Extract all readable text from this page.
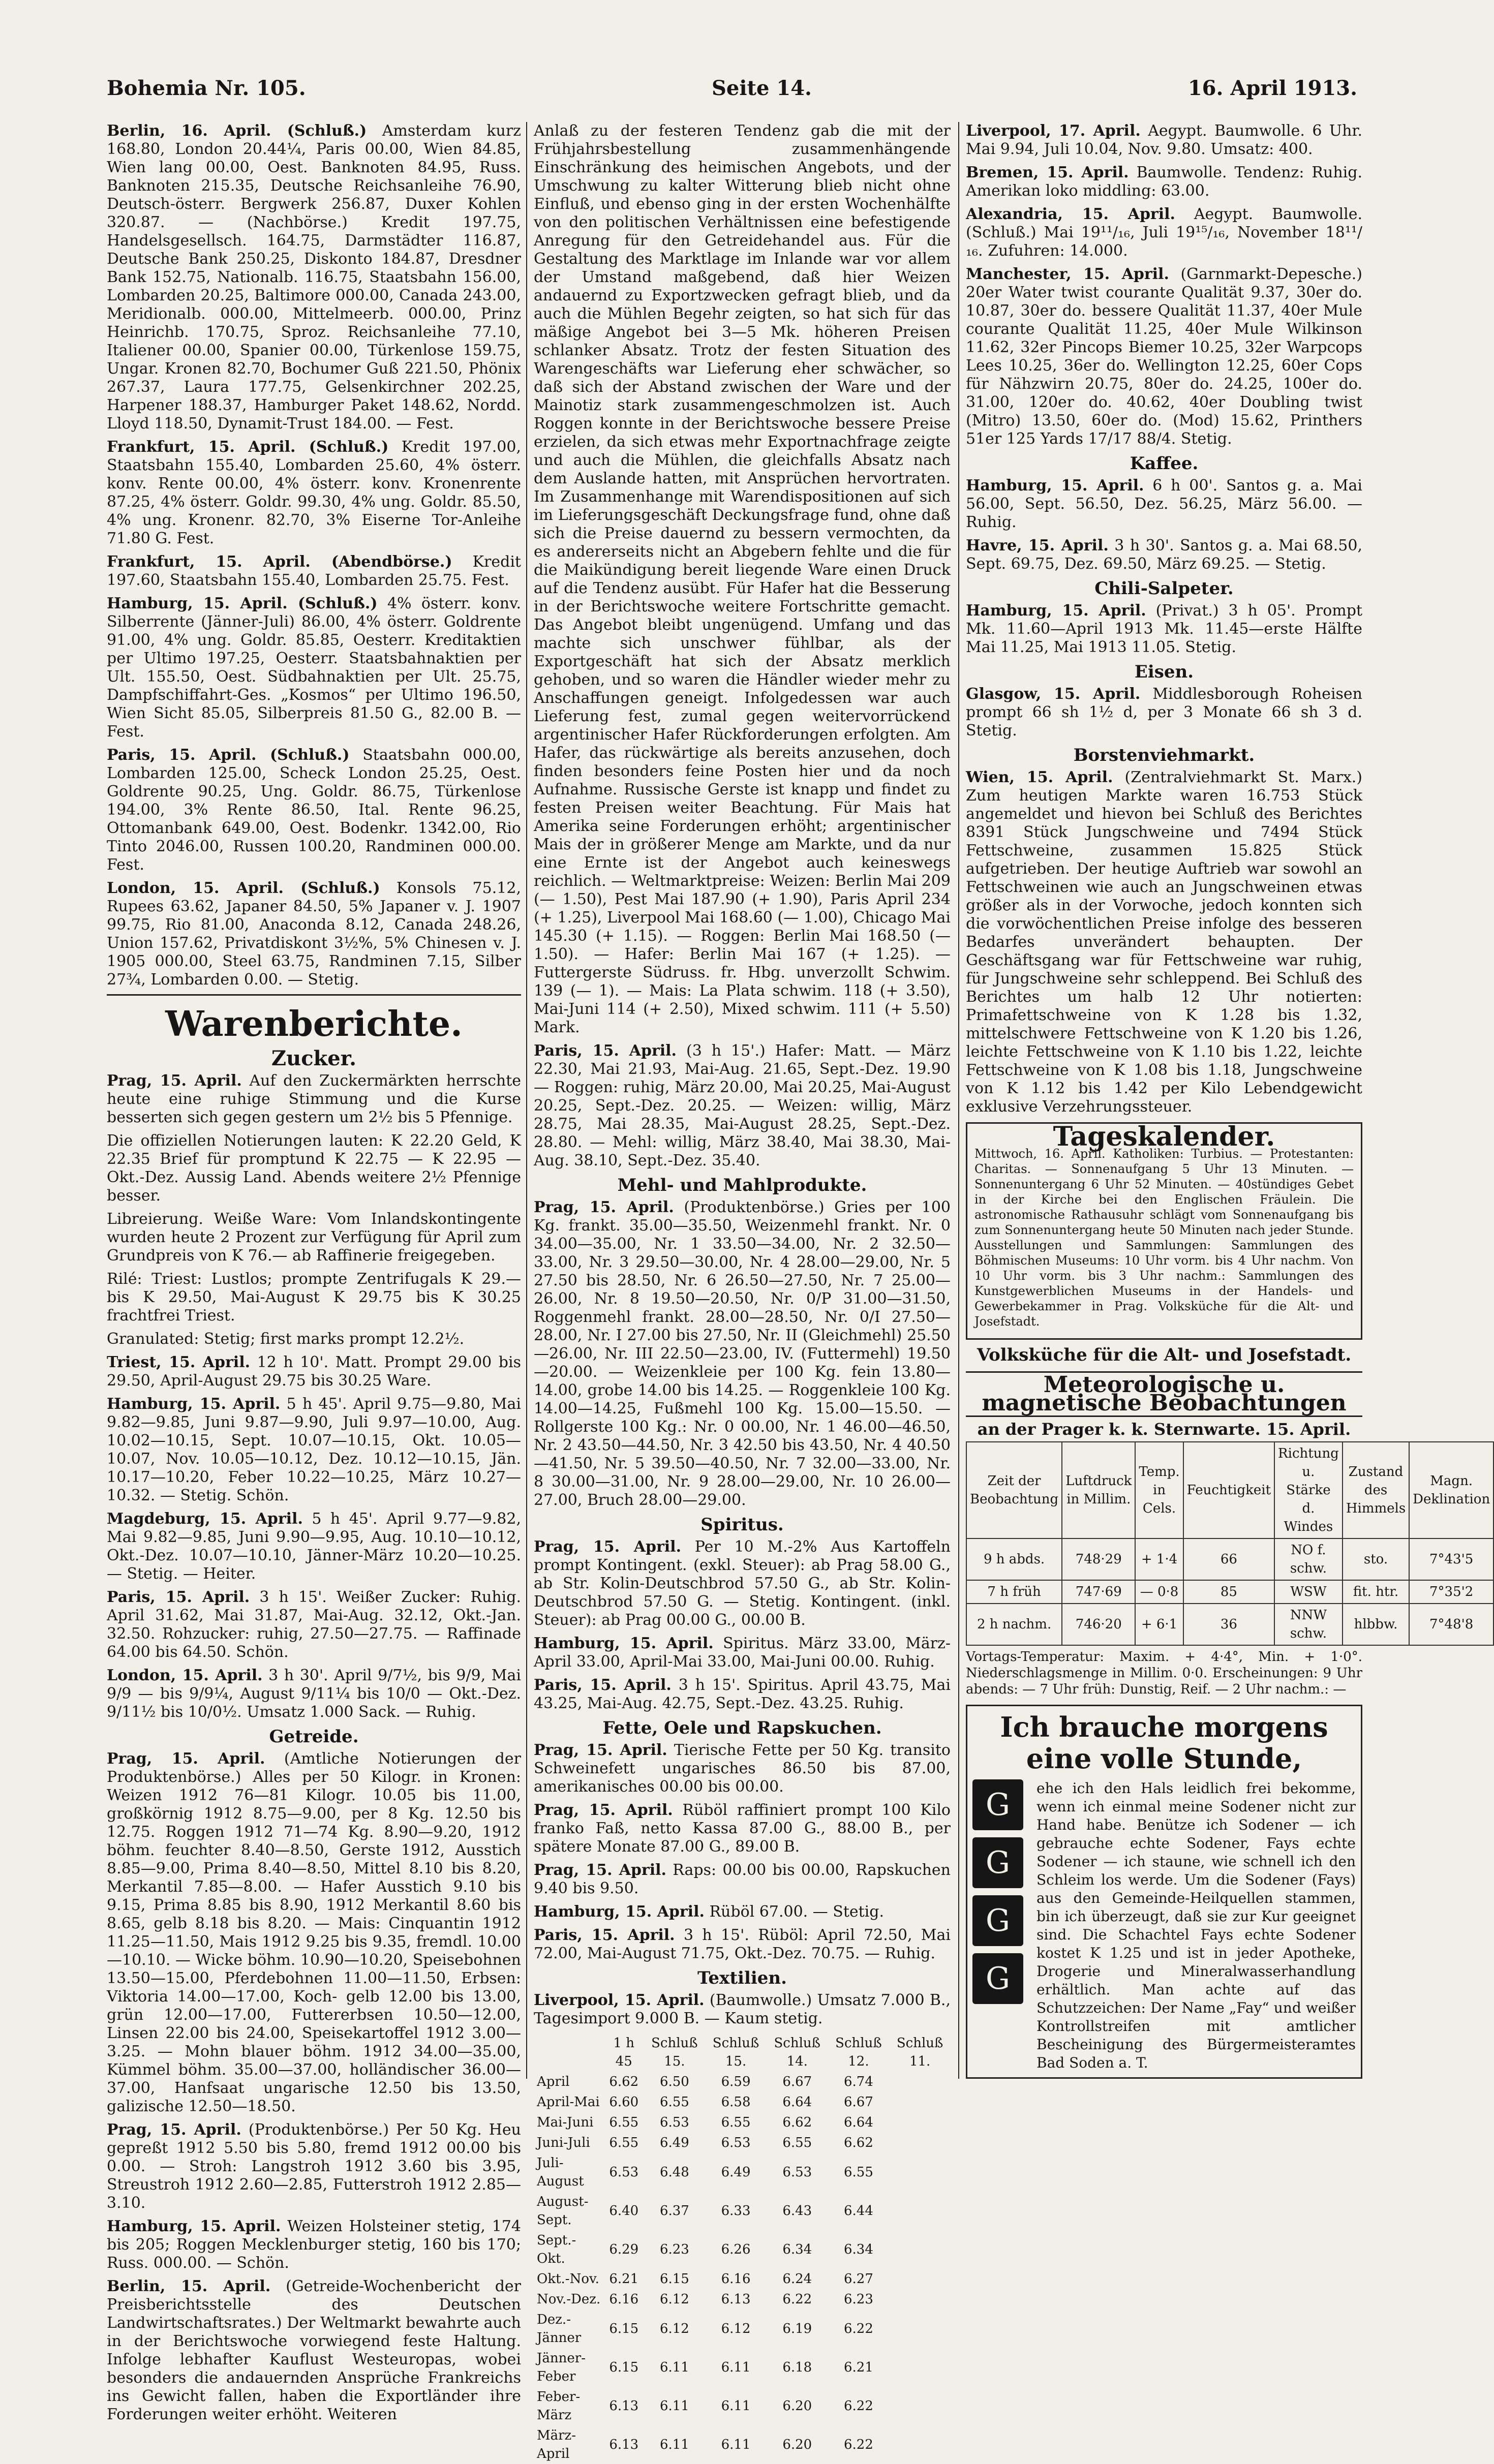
Bohemia Nr. 105.	Seite 14.	16. April 1913.

Berlin, 16. April. (Schluß.) Amsterdam kurz 168.80, London 20.44¼, Paris 00.00, Wien 84.85, Wien lang 00.00, Oest. Banknoten 84.95, Russ. Banknoten 215.35, Deutsche Reichsanleihe 76.90, Deutsch-österr. Bergwerk 256.87, Duxer Kohlen 320.87. — (Nachbörse.) Kredit 197.75, Handelsgesellsch. 164.75, Darmstädter 116.87, Deutsche Bank 250.25, Diskonto 184.87, Dresdner Bank 152.75, Nationalb. 116.75, Staatsbahn 156.00, Lombarden 20.25, Baltimore 000.00, Canada 243.00, Meridionalb. 000.00, Mittelmeerb. 000.00, Prinz Heinrichb. 170.75, Sproz. Reichsanleihe 77.10, Italiener 00.00, Spanier 00.00, Türkenlose 159.75, Ungar. Kronen 82.70, Bochumer Guß 221.50, Phönix 267.37, Laura 177.75, Gelsenkirchner 202.25, Harpener 188.37, Hamburger Paket 148.62, Nordd. Lloyd 118.50, Dynamit-Trust 184.00. — Fest.

Frankfurt, 15. April. (Schluß.) Kredit 197.00, Staatsbahn 155.40, Lombarden 25.60, 4% österr. konv. Rente 00.00, 4% österr. konv. Kronenrente 87.25, 4% österr. Goldr. 99.30, 4% ung. Goldr. 85.50, 4% ung. Kronenr. 82.70, 3% Eiserne Tor-Anleihe 71.80 G. Fest.

Frankfurt, 15. April. (Abendbörse.) Kredit 197.60, Staatsbahn 155.40, Lombarden 25.75. Fest.

Hamburg, 15. April. (Schluß.) 4% österr. konv. Silberrente (Jänner-Juli) 86.00, 4% österr. Goldrente 91.00, 4% ung. Goldr. 85.85, Oesterr. Kreditaktien per Ultimo 197.25, Oesterr. Staatsbahnaktien per Ult. 155.50, Oest. Südbahnaktien per Ult. 25.75, Dampfschiffahrt-Ges. „Kosmos“ per Ultimo 196.50, Wien Sicht 85.05, Silberpreis 81.50 G., 82.00 B. — Fest.

Paris, 15. April. (Schluß.) Staatsbahn 000.00, Lombarden 125.00, Scheck London 25.25, Oest. Goldrente 90.25, Ung. Goldr. 86.75, Türkenlose 194.00, 3% Rente 86.50, Ital. Rente 96.25, Ottomanbank 649.00, Oest. Bodenkr. 1342.00, Rio Tinto 2046.00, Russen 100.20, Randminen 000.00. Fest.

London, 15. April. (Schluß.) Konsols 75.12, Rupees 63.62, Japaner 84.50, 5% Japaner v. J. 1907 99.75, Rio 81.00, Anaconda 8.12, Canada 248.26, Union 157.62, Privatdiskont 3½%, 5% Chinesen v. J. 1905 000.00, Steel 63.75, Randminen 7.15, Silber 27¾, Lombarden 0.00. — Stetig.

Warenberichte.
Zucker.

Prag, 15. April. Auf den Zuckermärkten herrschte heute eine ruhige Stimmung und die Kurse besserten sich gegen gestern um 2½ bis 5 Pfennige.

Die offiziellen Notierungen lauten: K 22.20 Geld, K 22.35 Brief für promptund K 22.75 — K 22.95 — Okt.-Dez. Aussig Land. Abends weitere 2½ Pfennige besser.

Libreierung. Weiße Ware: Vom Inlandskontingente wurden heute 2 Prozent zur Verfügung für April zum Grundpreis von K 76.— ab Raffinerie freigegeben.

Rilé: Triest: Lustlos; prompte Zentrifugals K 29.— bis K 29.50, Mai-August K 29.75 bis K 30.25 frachtfrei Triest.

Granulated: Stetig; first marks prompt 12.2½.

Triest, 15. April. 12 h 10'. Matt. Prompt 29.00 bis 29.50, April-August 29.75 bis 30.25 Ware.

Hamburg, 15. April. 5 h 45'. April 9.75—9.80, Mai 9.82—9.85, Juni 9.87—9.90, Juli 9.97—10.00, Aug. 10.02—10.15, Sept. 10.07—10.15, Okt. 10.05—10.07, Nov. 10.05—10.12, Dez. 10.12—10.15, Jän. 10.17—10.20, Feber 10.22—10.25, März 10.27—10.32. — Stetig. Schön.

Magdeburg, 15. April. 5 h 45'. April 9.77—9.82, Mai 9.82—9.85, Juni 9.90—9.95, Aug. 10.10—10.12, Okt.-Dez. 10.07—10.10, Jänner-März 10.20—10.25. — Stetig. — Heiter.

Paris, 15. April. 3 h 15'. Weißer Zucker: Ruhig. April 31.62, Mai 31.87, Mai-Aug. 32.12, Okt.-Jan. 32.50. Rohzucker: ruhig, 27.50—27.75. — Raffinade 64.00 bis 64.50. Schön.

London, 15. April. 3 h 30'. April 9/7½, bis 9/9, Mai 9/9 — bis 9/9¼, August 9/11¼ bis 10/0 — Okt.-Dez. 9/11½ bis 10/0½. Umsatz 1.000 Sack. — Ruhig.

Getreide.

Prag, 15. April. (Amtliche Notierungen der Produktenbörse.) Alles per 50 Kilogr. in Kronen: Weizen 1912 76—81 Kilogr. 10.05 bis 11.00, großkörnig 1912 8.75—9.00, per 8 Kg. 12.50 bis 12.75. Roggen 1912 71—74 Kg. 8.90—9.20, 1912 böhm. feuchter 8.40—8.50, Gerste 1912, Ausstich 8.85—9.00, Prima 8.40—8.50, Mittel 8.10 bis 8.20, Merkantil 7.85—8.00. — Hafer Ausstich 9.10 bis 9.15, Prima 8.85 bis 8.90, 1912 Merkantil 8.60 bis 8.65, gelb 8.18 bis 8.20. — Mais: Cinquantin 1912 11.25—11.50, Mais 1912 9.25 bis 9.35, fremdl. 10.00—10.10. — Wicke böhm. 10.90—10.20, Speisebohnen 13.50—15.00, Pferdebohnen 11.00—11.50, Erbsen: Viktoria 14.00—17.00, Koch- gelb 12.00 bis 13.00, grün 12.00—17.00, Futtererbsen 10.50—12.00, Linsen 22.00 bis 24.00, Speisekartoffel 1912 3.00—3.25. — Mohn blauer böhm. 1912 34.00—35.00, Kümmel böhm. 35.00—37.00, holländischer 36.00—37.00, Hanfsaat ungarische 12.50 bis 13.50, galizische 12.50—18.50.

Prag, 15. April. (Produktenbörse.) Per 50 Kg. Heu gepreßt 1912 5.50 bis 5.80, fremd 1912 00.00 bis 0.00. — Stroh: Langstroh 1912 3.60 bis 3.95, Streustroh 1912 2.60—2.85, Futterstroh 1912 2.85—3.10.

Hamburg, 15. April. Weizen Holsteiner stetig, 174 bis 205; Roggen Mecklenburger stetig, 160 bis 170; Russ. 000.00. — Schön.

Berlin, 15. April. (Getreide-Wochenbericht der Preisberichtsstelle des Deutschen Landwirtschaftsrates.) Der Weltmarkt bewahrte auch in der Berichtswoche vorwiegend feste Haltung. Infolge lebhafter Kauflust Westeuropas, wobei besonders die andauernden Ansprüche Frankreichs ins Gewicht fallen, haben die Exportländer ihre Forderungen weiter erhöht. Weiteren

Anlaß zu der festeren Tendenz gab die mit der Frühjahrsbestellung zusammenhängende Einschränkung des heimischen Angebots, und der Umschwung zu kalter Witterung blieb nicht ohne Einfluß, und ebenso ging in der ersten Wochenhälfte von den politischen Verhältnissen eine befestigende Anregung für den Getreidehandel aus. Für die Gestaltung des Marktlage im Inlande war vor allem der Umstand maßgebend, daß hier Weizen andauernd zu Exportzwecken gefragt blieb, und da auch die Mühlen Begehr zeigten, so hat sich für das mäßige Angebot bei 3—5 Mk. höheren Preisen schlanker Absatz. Trotz der festen Situation des Warengeschäfts war Lieferung eher schwächer, so daß sich der Abstand zwischen der Ware und der Mainotiz stark zusammengeschmolzen ist. Auch Roggen konnte in der Berichtswoche bessere Preise erzielen, da sich etwas mehr Exportnachfrage zeigte und auch die Mühlen, die gleichfalls Absatz nach dem Auslande hatten, mit Ansprüchen hervortraten. Im Zusammenhange mit Warendispositionen auf sich im Lieferungsgeschäft Deckungsfrage fund, ohne daß sich die Preise dauernd zu bessern vermochten, da es andererseits nicht an Abgebern fehlte und die für die Maikündigung bereit liegende Ware einen Druck auf die Tendenz ausübt. Für Hafer hat die Besserung in der Berichtswoche weitere Fortschritte gemacht. Das Angebot bleibt ungenügend. Umfang und das machte sich unschwer fühlbar, als der Exportgeschäft hat sich der Absatz merklich gehoben, und so waren die Händler wieder mehr zu Anschaffungen geneigt. Infolgedessen war auch Lieferung fest, zumal gegen weitervorrückend argentinischer Hafer Rückforderungen erfolgten. Am Hafer, das rückwärtige als bereits anzusehen, doch finden besonders feine Posten hier und da noch Aufnahme. Russische Gerste ist knapp und findet zu festen Preisen weiter Beachtung. Für Mais hat Amerika seine Forderungen erhöht; argentinischer Mais der in größerer Menge am Markte, und da nur eine Ernte ist der Angebot auch keineswegs reichlich. — Weltmarktpreise: Weizen: Berlin Mai 209 (— 1.50), Pest Mai 187.90 (+ 1.90), Paris April 234 (+ 1.25), Liverpool Mai 168.60 (— 1.00), Chicago Mai 145.30 (+ 1.15). — Roggen: Berlin Mai 168.50 (— 1.50). — Hafer: Berlin Mai 167 (+ 1.25). — Futtergerste Südruss. fr. Hbg. unverzollt Schwim. 139 (— 1). — Mais: La Plata schwim. 118 (+ 3.50), Mai-Juni 114 (+ 2.50), Mixed schwim. 111 (+ 5.50) Mark.

Paris, 15. April. (3 h 15'.) Hafer: Matt. — März 22.30, Mai 21.93, Mai-Aug. 21.65, Sept.-Dez. 19.90 — Roggen: ruhig, März 20.00, Mai 20.25, Mai-August 20.25, Sept.-Dez. 20.25. — Weizen: willig, März 28.75, Mai 28.35, Mai-August 28.25, Sept.-Dez. 28.80. — Mehl: willig, März 38.40, Mai 38.30, Mai-Aug. 38.10, Sept.-Dez. 35.40.

Mehl- und Mahlprodukte.

Prag, 15. April. (Produktenbörse.) Gries per 100 Kg. frankt. 35.00—35.50, Weizenmehl frankt. Nr. 0 34.00—35.00, Nr. 1 33.50—34.00, Nr. 2 32.50—33.00, Nr. 3 29.50—30.00, Nr. 4 28.00—29.00, Nr. 5 27.50 bis 28.50, Nr. 6 26.50—27.50, Nr. 7 25.00—26.00, Nr. 8 19.50—20.50, Nr. 0/P 31.00—31.50, Roggenmehl frankt. 28.00—28.50, Nr. 0/I 27.50—28.00, Nr. I 27.00 bis 27.50, Nr. II (Gleichmehl) 25.50—26.00, Nr. III 22.50—23.00, IV. (Futtermehl) 19.50—20.00. — Weizenkleie per 100 Kg. fein 13.80—14.00, grobe 14.00 bis 14.25. — Roggenkleie 100 Kg. 14.00—14.25, Fußmehl 100 Kg. 15.00—15.50. — Rollgerste 100 Kg.: Nr. 0 00.00, Nr. 1 46.00—46.50, Nr. 2 43.50—44.50, Nr. 3 42.50 bis 43.50, Nr. 4 40.50—41.50, Nr. 5 39.50—40.50, Nr. 7 32.00—33.00, Nr. 8 30.00—31.00, Nr. 9 28.00—29.00, Nr. 10 26.00—27.00, Bruch 28.00—29.00.

Spiritus.

Prag, 15. April. Per 10 M.-2% Aus Kartoffeln prompt Kontingent. (exkl. Steuer): ab Prag 58.00 G., ab Str. Kolin-Deutschbrod 57.50 G., ab Str. Kolin-Deutschbrod 57.50 G. — Stetig. Kontingent. (inkl. Steuer): ab Prag 00.00 G., 00.00 B.

Hamburg, 15. April. Spiritus. März 33.00, März-April 33.00, April-Mai 33.00, Mai-Juni 00.00. Ruhig.

Paris, 15. April. 3 h 15'. Spiritus. April 43.75, Mai 43.25, Mai-Aug. 42.75, Sept.-Dez. 43.25. Ruhig.

Fette, Oele und Rapskuchen.

Prag, 15. April. Tierische Fette per 50 Kg. transito Schweinefett ungarisches 86.50 bis 87.00, amerikanisches 00.00 bis 00.00.

Prag, 15. April. Rüböl raffiniert prompt 100 Kilo franko Faß, netto Kassa 87.00 G., 88.00 B., per spätere Monate 87.00 G., 89.00 B.

Prag, 15. April. Raps: 00.00 bis 00.00, Rapskuchen 9.40 bis 9.50.

Hamburg, 15. April. Rüböl 67.00. — Stetig.

Paris, 15. April. 3 h 15'. Rüböl: April 72.50, Mai 72.00, Mai-August 71.75, Okt.-Dez. 70.75. — Ruhig.

Textilien.

Liverpool, 15. April. (Baumwolle.) Umsatz 7.000 B., Tagesimport 9.000 B. — Kaum stetig.

	1 h 45	Schluß 15.	Schluß 15.	Schluß 14.	Schluß 12.	Schluß 11.
April	6.62	6.50	6.59	6.67	6.74	
April-Mai	6.60	6.55	6.58	6.64	6.67	
Mai-Juni	6.55	6.53	6.55	6.62	6.64	
Juni-Juli	6.55	6.49	6.53	6.55	6.62	
Juli-August	6.53	6.48	6.49	6.53	6.55	
August-Sept.	6.40	6.37	6.33	6.43	6.44	
Sept.-Okt.	6.29	6.23	6.26	6.34	6.34	
Okt.-Nov.	6.21	6.15	6.16	6.24	6.27	
Nov.-Dez.	6.16	6.12	6.13	6.22	6.23	
Dez.-Jänner	6.15	6.12	6.12	6.19	6.22	
Jänner-Feber	6.15	6.11	6.11	6.18	6.21	
Feber-März	6.13	6.11	6.11	6.20	6.22	
März-April	6.13	6.11	6.11	6.20	6.22	

Liverpool, 17. April. Aegypt. Baumwolle. 6 Uhr. Mai 9.94, Juli 10.04, Nov. 9.80. Umsatz: 400.

Bremen, 15. April. Baumwolle. Tendenz: Ruhig. Amerikan loko middling: 63.00.

Alexandria, 15. April. Aegypt. Baumwolle. (Schluß.) Mai 19¹¹/₁₆, Juli 19¹⁵/₁₆, November 18¹¹/₁₆. Zufuhren: 14.000.

Manchester, 15. April. (Garnmarkt-Depesche.) 20er Water twist courante Qualität 9.37, 30er do. 10.87, 30er do. bessere Qualität 11.37, 40er Mule courante Qualität 11.25, 40er Mule Wilkinson 11.62, 32er Pincops Biemer 10.25, 32er Warpcops Lees 10.25, 36er do. Wellington 12.25, 60er Cops für Nähzwirn 20.75, 80er do. 24.25, 100er do. 31.00, 120er do. 40.62, 40er Doubling twist (Mitro) 13.50, 60er do. (Mod) 15.62, Printhers 51er 125 Yards 17/17 88/4. Stetig.

Kaffee.

Hamburg, 15. April. 6 h 00'. Santos g. a. Mai 56.00, Sept. 56.50, Dez. 56.25, März 56.00. — Ruhig.

Havre, 15. April. 3 h 30'. Santos g. a. Mai 68.50, Sept. 69.75, Dez. 69.50, März 69.25. — Stetig.

Chili-Salpeter.

Hamburg, 15. April. (Privat.) 3 h 05'. Prompt Mk. 11.60—April 1913 Mk. 11.45—erste Hälfte Mai 11.25, Mai 1913 11.05. Stetig.

Eisen.

Glasgow, 15. April. Middlesborough Roheisen prompt 66 sh 1½ d, per 3 Monate 66 sh 3 d. Stetig.

Borstenviehmarkt.

Wien, 15. April. (Zentralviehmarkt St. Marx.) Zum heutigen Markte waren 16.753 Stück angemeldet und hievon bei Schluß des Berichtes 8391 Stück Jungschweine und 7494 Stück Fettschweine, zusammen 15.825 Stück aufgetrieben. Der heutige Auftrieb war sowohl an Fettschweinen wie auch an Jungschweinen etwas größer als in der Vorwoche, jedoch konnten sich die vorwöchentlichen Preise infolge des besseren Bedarfes unverändert behaupten. Der Geschäftsgang war für Fettschweine war ruhig, für Jungschweine sehr schleppend. Bei Schluß des Berichtes um halb 12 Uhr notierten: Primafettschweine von K 1.28 bis 1.32, mittelschwere Fettschweine von K 1.20 bis 1.26, leichte Fettschweine von K 1.10 bis 1.22, leichte Fettschweine von K 1.08 bis 1.18, Jungschweine von K 1.12 bis 1.42 per Kilo Lebendgewicht exklusive Verzehrungssteuer.

Tageskalender.

Mittwoch, 16. April. Katholiken: Turbius. — Protestanten: Charitas. — Sonnenaufgang 5 Uhr 13 Minuten. — Sonnenuntergang 6 Uhr 52 Minuten. — 40stündiges Gebet in der Kirche bei den Englischen Fräulein. Die astronomische Rathausuhr schlägt vom Sonnenaufgang bis zum Sonnenuntergang heute 50 Minuten nach jeder Stunde. Ausstellungen und Sammlungen: Sammlungen des Böhmischen Museums: 10 Uhr vorm. bis 4 Uhr nachm. Von 10 Uhr vorm. bis 3 Uhr nachm.: Sammlungen des Kunstgewerblichen Museums in der Handels- und Gewerbekammer in Prag. Volksküche für die Alt- und Josefstadt.

Volksküche für die Alt- und Josefstadt.
Meteorologische u. magnetische Beobachtungen
an der Prager k. k. Sternwarte. 15. April.
Zeit der Beobachtung	Luftdruck in Millim.	Temp. in Cels.	Feuchtigkeit	Richtung u. Stärke d. Windes	Zustand des Himmels	Magn. Deklination
9 h abds.	748·29	+ 1·4	66	NO f. schw.	sto.	7°43'5
7 h früh	747·69	— 0·8	85	WSW	fit. htr.	7°35'2
2 h nachm.	746·20	+ 6·1	36	NNW schw.	hlbbw.	7°48'8

Vortags-Temperatur: Maxim. + 4·4°, Min. + 1·0°. Niederschlagsmenge in Millim. 0·0. Erscheinungen: 9 Uhr abends: — 7 Uhr früh: Dunstig, Reif. — 2 Uhr nachm.: —

Ich brauche morgens eine volle Stunde,
G
G
G
G
ehe ich den Hals leidlich frei bekomme, wenn ich einmal meine Sodener nicht zur Hand habe. Benütze ich Sodener — ich gebrauche echte Sodener, Fays echte Sodener — ich staune, wie schnell ich den Schleim los werde. Um die Sodener (Fays) aus den Gemeinde-Heilquellen stammen, bin ich überzeugt, daß sie zur Kur geeignet sind. Die Schachtel Fays echte Sodener kostet K 1.25 und ist in jeder Apotheke, Drogerie und Mineralwasserhandlung erhältlich. Man achte auf das Schutzzeichen: Der Name „Fay“ und weißer Kontrollstreifen mit amtlicher Bescheinigung des Bürgermeisteramtes Bad Soden a. T.
